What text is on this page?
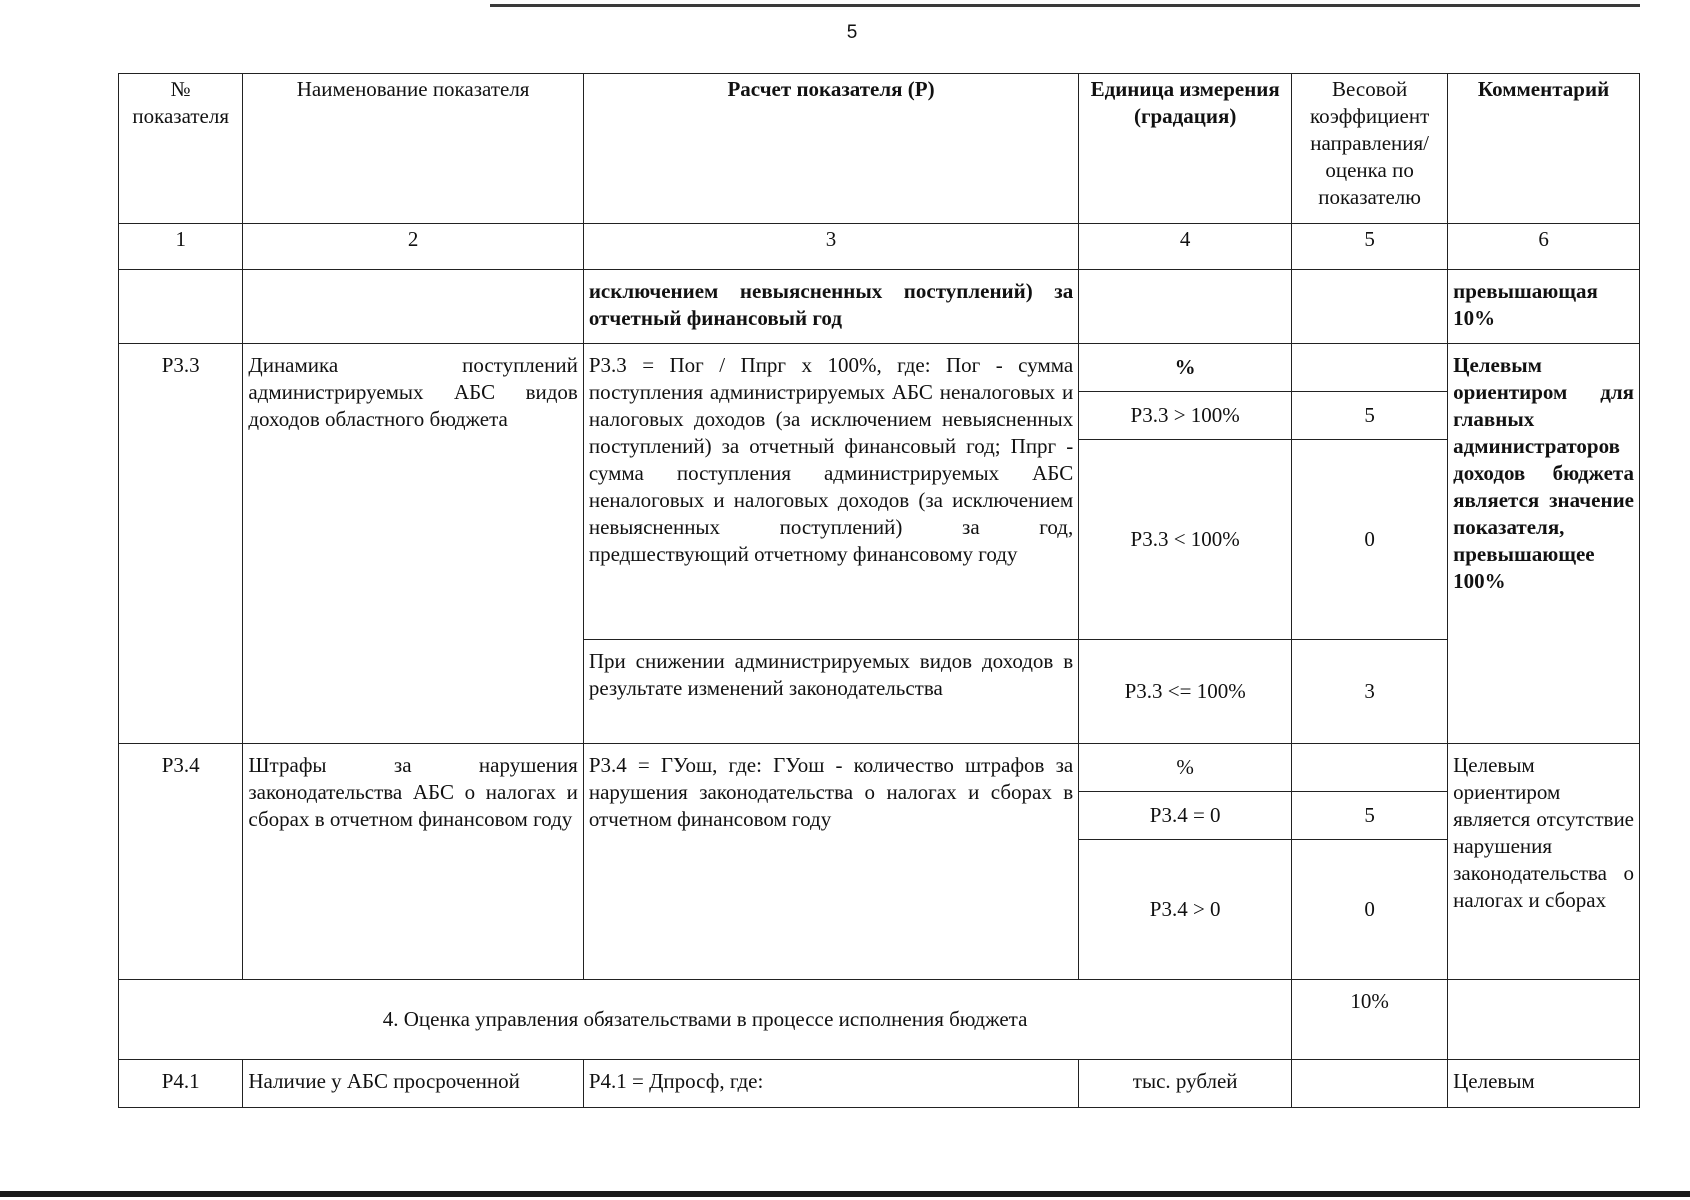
5
№ показателя	Наименование показателя	Расчет показателя (Р)	Единица измерения (градация)	Весовой коэффициент направления/ оценка по показателю	Комментарий
1	2	3	4	5	6
		исключением невыясненных поступлений) за отчетный финансовый год			превышающая 10%
Р3.3	Динамика поступлений администрируемых АБС видов доходов областного бюджета	Р3.3 = Пог / Ппрг x 100%, где: Пог - сумма поступления администрируемых АБС неналоговых и налоговых доходов (за исключением невыясненных поступлений) за отчетный финансовый год; Ппрг - сумма поступления администрируемых АБС неналоговых и налоговых доходов (за исключением невыясненных поступлений) за год, предшествующий отчетному финансовому году	%		Целевым ориентиром для главных администраторов доходов бюджета является значение показателя, превышающее 100%
			Р3.3 > 100%	5	
			Р3.3 < 100%	0	
		При снижении администрируемых видов доходов в результате изменений законодательства	Р3.3 <= 100%	3	
Р3.4	Штрафы за нарушения законодательства АБС о налогах и сборах в отчетном финансовом году	Р3.4 = ГУош, где: ГУош - количество штрафов за нарушения законодательства о налогах и сборах в отчетном финансовом году	%		Целевым ориентиром является отсутствие нарушения законодательства о налогах и сборах
			Р3.4 = 0	5	
			Р3.4 > 0	0	
4. Оценка управления обязательствами в процессе исполнения бюджета				10%	
Р4.1	Наличие у АБС просроченной	Р4.1 = Дпросф, где:	тыс. рублей		Целевым
